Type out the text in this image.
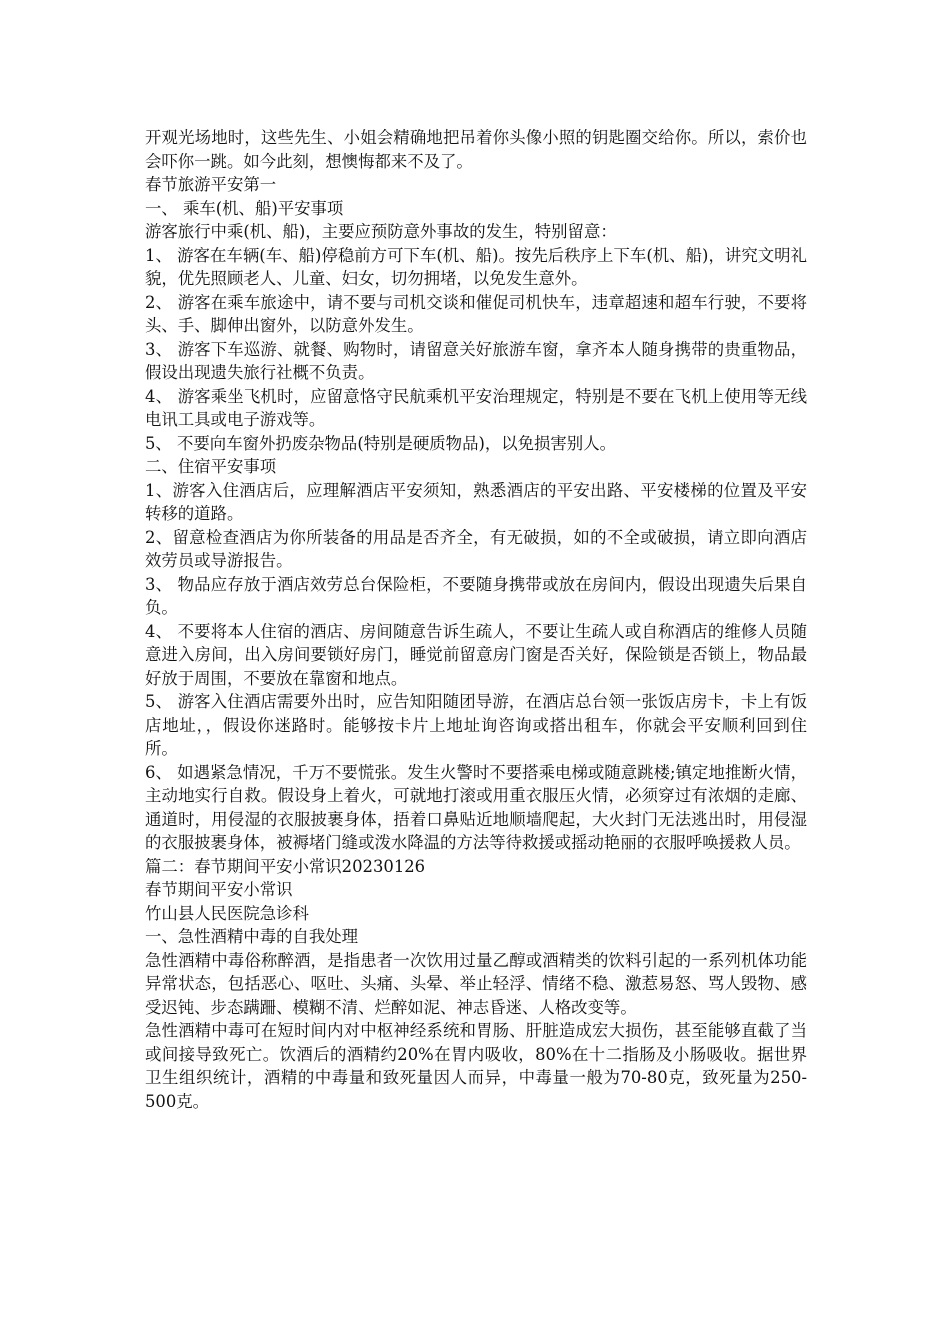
开观光场地时，这些先生、小姐会精确地把吊着你头像小照的钥匙圈交给你。所以，索价也会吓你一跳。如今此刻，想懊悔都来不及了。

春节旅游平安第一

一、 乘车(机、船)平安事项

游客旅行中乘(机、船)，主要应预防意外事故的发生，特别留意：

1、 游客在车辆(车、船)停稳前方可下车(机、船)。按先后秩序上下车(机、船)，讲究文明礼貌，优先照顾老人、儿童、妇女，切勿拥堵，以免发生意外。

2、 游客在乘车旅途中，请不要与司机交谈和催促司机快车，违章超速和超车行驶，不要将头、手、脚伸出窗外，以防意外发生。

3、 游客下车巡游、就餐、购物时，请留意关好旅游车窗，拿齐本人随身携带的贵重物品，假设出现遗失旅行社概不负责。

4、 游客乘坐飞机时，应留意恪守民航乘机平安治理规定，特别是不要在飞机上使用等无线电讯工具或电子游戏等。

5、 不要向车窗外扔废杂物品(特别是硬质物品)，以免损害别人。

二、住宿平安事项

1、游客入住酒店后，应理解酒店平安须知，熟悉酒店的平安出路、平安楼梯的位置及平安转移的道路。

2、留意检查酒店为你所装备的用品是否齐全，有无破损，如的不全或破损，请立即向酒店效劳员或导游报告。

3、 物品应存放于酒店效劳总台保险柜，不要随身携带或放在房间内，假设出现遗失后果自负。

4、 不要将本人住宿的酒店、房间随意告诉生疏人，不要让生疏人或自称酒店的维修人员随意进入房间，出入房间要锁好房门，睡觉前留意房门窗是否关好，保险锁是否锁上，物品最好放于周围，不要放在靠窗和地点。

5、 游客入住酒店需要外出时，应告知阳随团导游，在酒店总台领一张饭店房卡，卡上有饭店地址，，假设你迷路时。能够按卡片上地址询咨询或搭出租车，你就会平安顺利回到住所。

6、 如遇紧急情况，千万不要慌张。发生火警时不要搭乘电梯或随意跳楼;镇定地推断火情，主动地实行自救。假设身上着火，可就地打滚或用重衣服压火情，必须穿过有浓烟的走廊、通道时，用侵湿的衣服披裹身体，捂着口鼻贴近地顺墙爬起，大火封门无法逃出时，用侵湿的衣服披裹身体，被褥堵门缝或泼水降温的方法等待救援或摇动艳丽的衣服呼唤援救人员。

篇二：春节期间平安小常识20230126

春节期间平安小常识

竹山县人民医院急诊科

一、急性酒精中毒的自我处理

急性酒精中毒俗称醉酒，是指患者一次饮用过量乙醇或酒精类的饮料引起的一系列机体功能异常状态，包括恶心、呕吐、头痛、头晕、举止轻浮、情绪不稳、激惹易怒、骂人毁物、感受迟钝、步态蹒跚、模糊不清、烂醉如泥、神志昏迷、人格改变等。

急性酒精中毒可在短时间内对中枢神经系统和胃肠、肝脏造成宏大损伤，甚至能够直截了当或间接导致死亡。饮酒后的酒精约20%在胃内吸收，80%在十二指肠及小肠吸收。据世界卫生组织统计，酒精的中毒量和致死量因人而异，中毒量一般为70-80克，致死量为250-500克。
